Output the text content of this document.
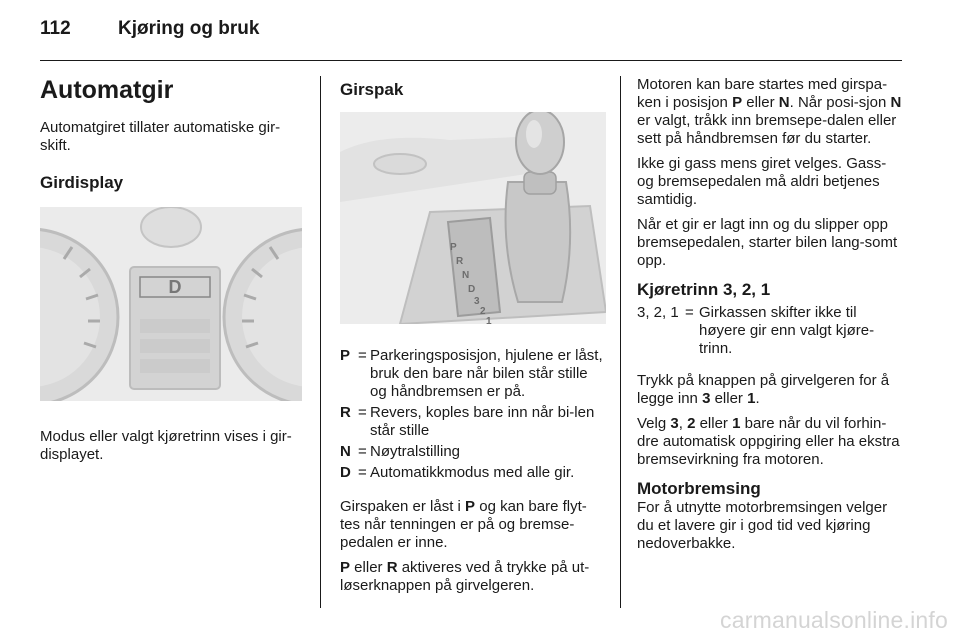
112 Kjøring og bruk
Automatgir

Automatgiret tillater automatiske gir-skift.

Girdisplay
D

Modus eller valgt kjøretrinn vises i gir-displayet.

Girspak
P
R
N
D
3
2
1
P = Parkeringsposisjon, hjulene er låst, bruk den bare når bilen står stille og håndbremsen er på.
R = Revers, koples bare inn når bi-len står stille
N = Nøytralstilling
D = Automatikkmodus med alle gir.

Girspaken er låst i P og kan bare flyt-tes når tenningen er på og bremse-pedalen er inne.

P eller R aktiveres ved å trykke på ut-løserknappen på girvelgeren.

Motoren kan bare startes med girspa-ken i posisjon P eller N. Når posi-sjon N er valgt, tråkk inn bremsepe-dalen eller sett på håndbremsen før du starter.

Ikke gi gass mens giret velges. Gass- og bremsepedalen må aldri betjenes samtidig.

Når et gir er lagt inn og du slipper opp bremsepedalen, starter bilen lang-somt opp.

Kjøretrinn 3, 2, 1
3, 2, 1 = Girkassen skifter ikke til høyere gir enn valgt kjøre-trinn.

Trykk på knappen på girvelgeren for å legge inn 3 eller 1.

Velg 3, 2 eller 1 bare når du vil forhin-dre automatisk oppgiring eller ha ekstra bremsevirkning fra motoren.

Motorbremsing

For å utnytte motorbremsingen velger du et lavere gir i god tid ved kjøring nedoverbakke.

carmanualsonline.info
